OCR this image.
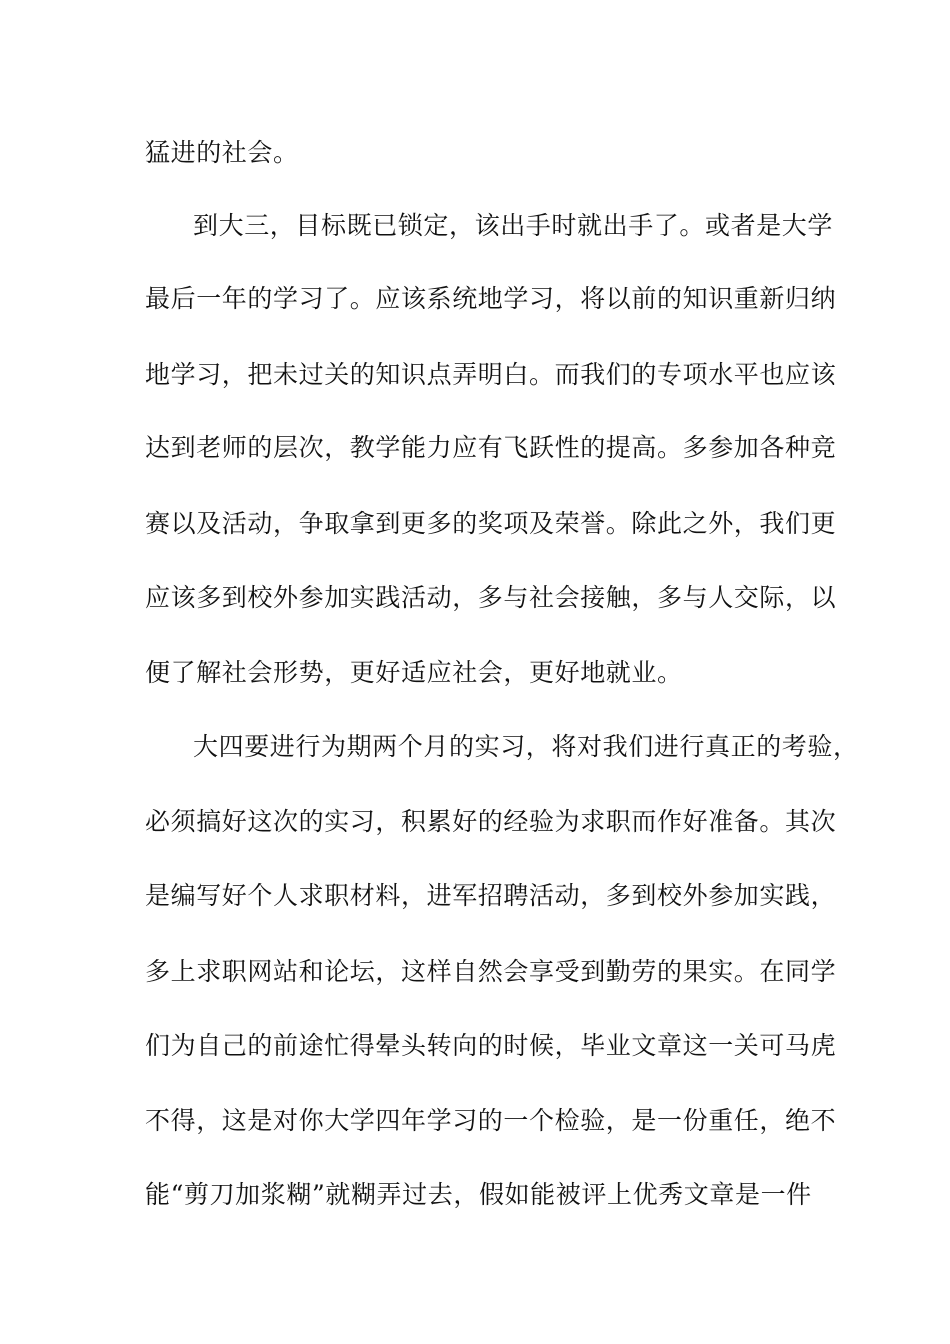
猛进的社会。
到大三，目标既已锁定，该出手时就出手了。或者是大学
最后一年的学习了。应该系统地学习，将以前的知识重新归纳
地学习，把未过关的知识点弄明白。而我们的专项水平也应该
达到老师的层次，教学能力应有飞跃性的提高。多参加各种竞
赛以及活动，争取拿到更多的奖项及荣誉。除此之外，我们更
应该多到校外参加实践活动，多与社会接触，多与人交际，以
便了解社会形势，更好适应社会，更好地就业。
大四要进行为期两个月的实习，将对我们进行真正的考验，
必须搞好这次的实习，积累好的经验为求职而作好准备。其次
是编写好个人求职材料，进军招聘活动，多到校外参加实践，
多上求职网站和论坛，这样自然会享受到勤劳的果实。在同学
们为自己的前途忙得晕头转向的时候，毕业文章这一关可马虎
不得，这是对你大学四年学习的一个检验，是一份重任，绝不
能“剪刀加浆糊”就糊弄过去，假如能被评上优秀文章是一件
